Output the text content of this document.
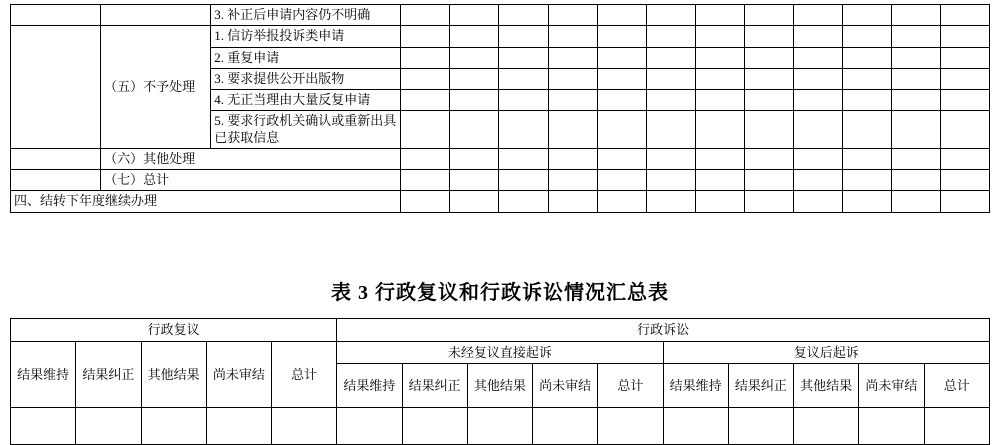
		3. 补正后申请内容仍不明确												
	（五）不予处理	1. 信访举报投诉类申请												
		2. 重复申请												
		3. 要求提供公开出版物												
		4. 无正当理由大量反复申请												
		5. 要求行政机关确认或重新出具已获取信息												
	（六）其他处理													
	（七）总计													
四、结转下年度继续办理														
表 3 行政复议和行政诉讼情况汇总表
行政复议					行政诉讼									
结果维持	结果纠正	其他结果	尚未审结	总计	未经复议直接起诉					复议后起诉				
					结果维持	结果纠正	其他结果	尚未审结	总计	结果维持	结果纠正	其他结果	尚未审结	总计
